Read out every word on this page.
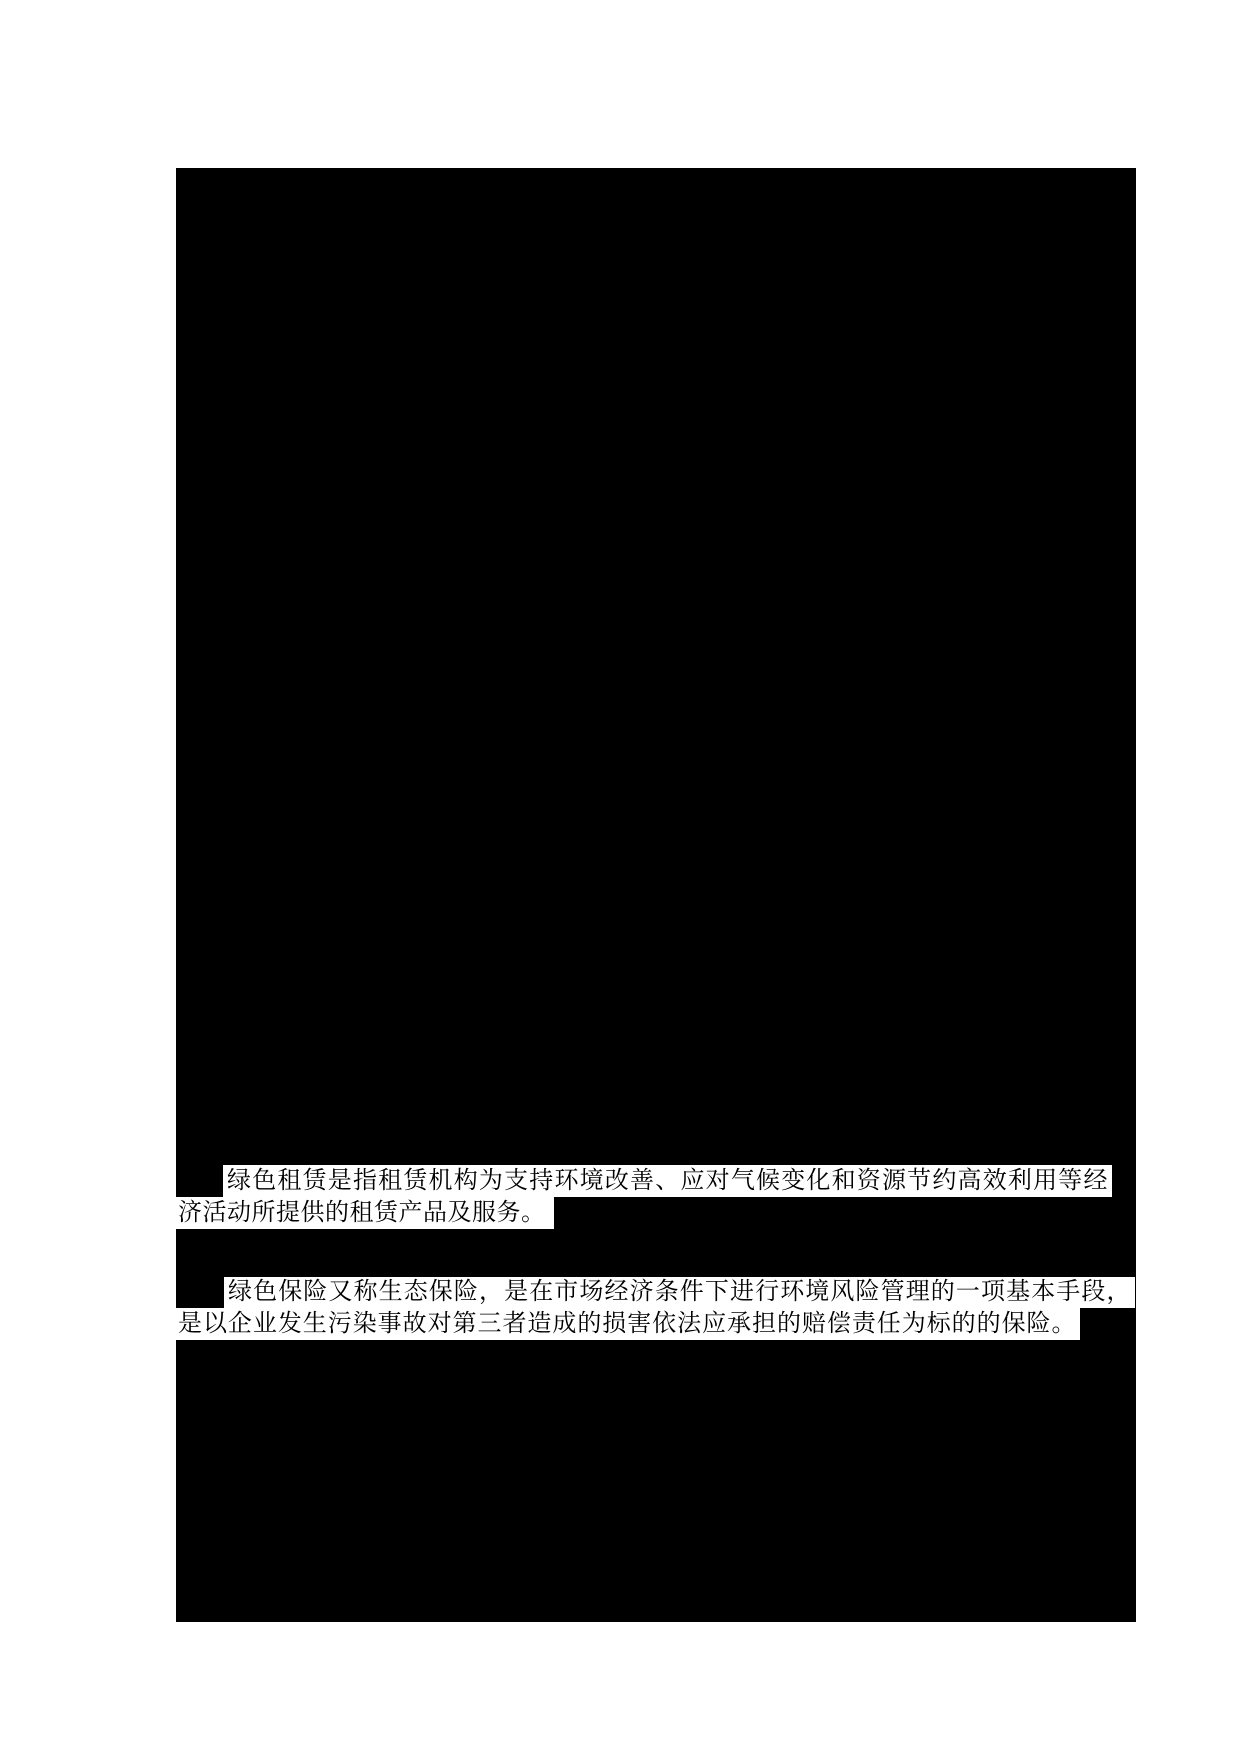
绿色租赁是指租赁机构为支持环境改善、应对气候变化和资源节约高效利用等经
济活动所提供的租赁产品及服务。
绿色保险又称生态保险，是在市场经济条件下进行环境风险管理的一项基本手段，
是以企业发生污染事故对第三者造成的损害依法应承担的赔偿责任为标的的保险。
